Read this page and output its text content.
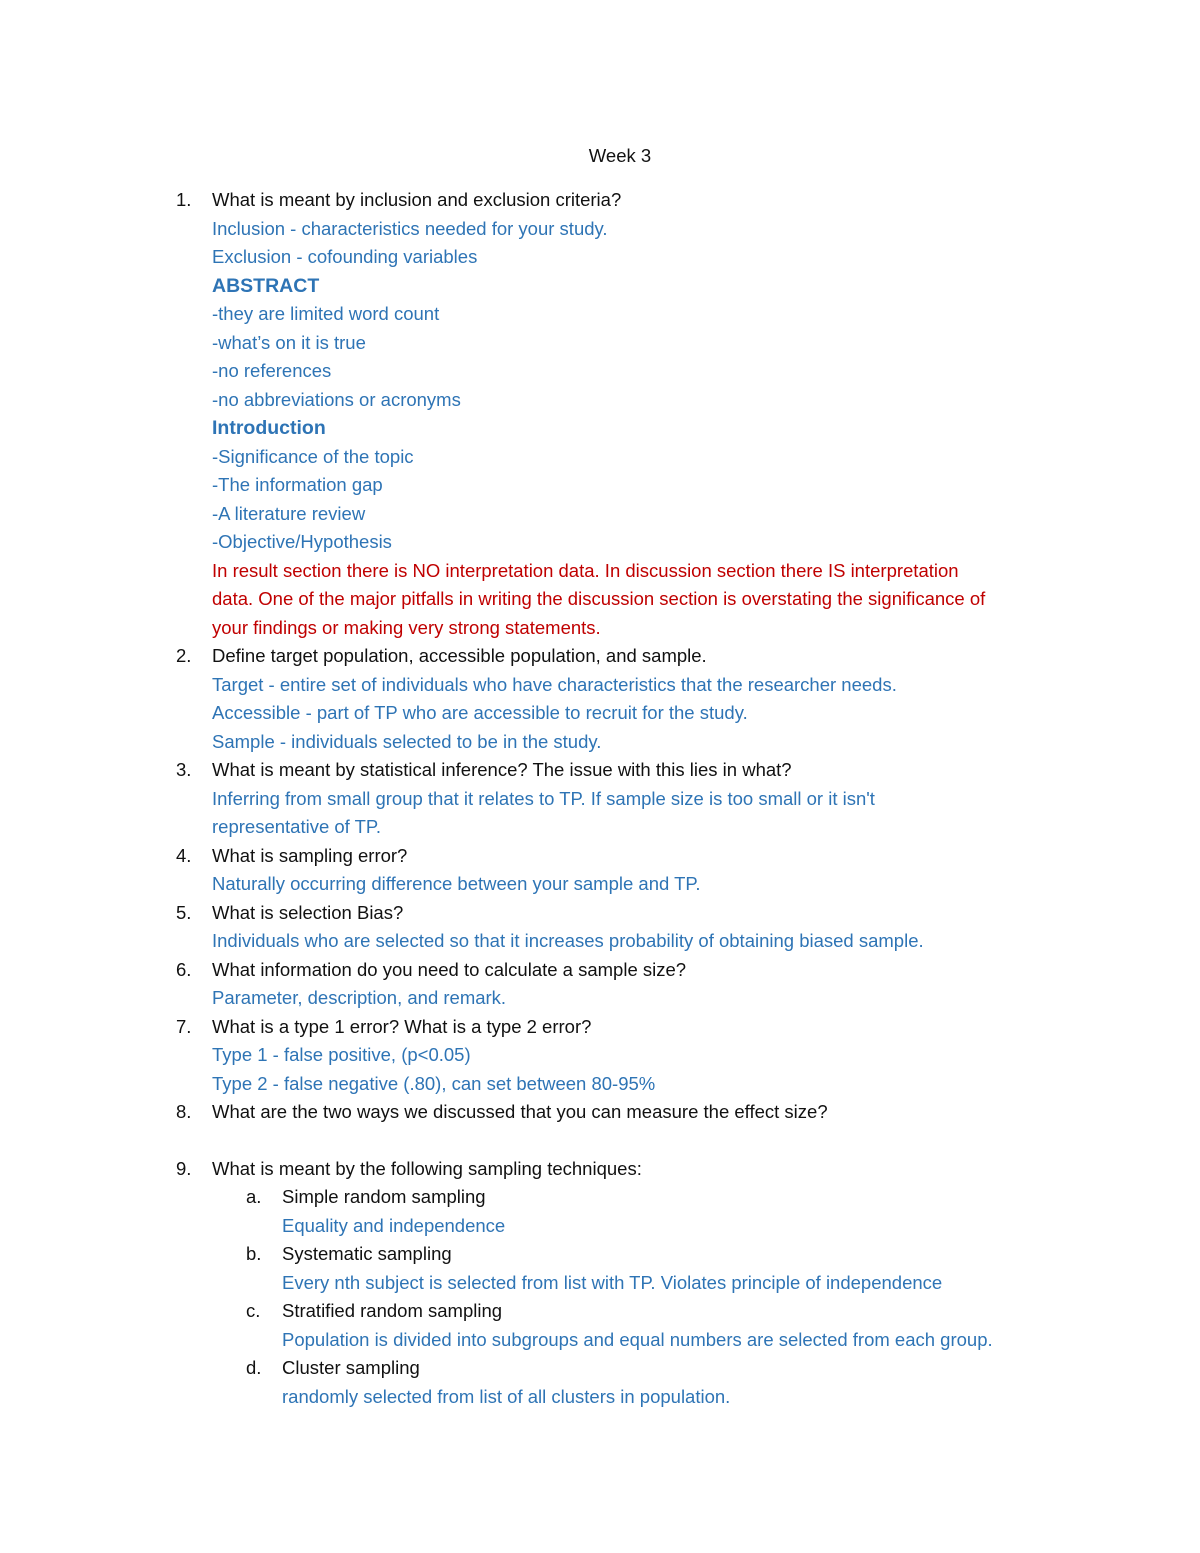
Week 3
1. What is meant by inclusion and exclusion criteria?
Inclusion - characteristics needed for your study.
Exclusion - cofounding variables
ABSTRACT
-they are limited word count
-what’s on it is true
-no references
-no abbreviations or acronyms
Introduction
-Significance of the topic
-The information gap
-A literature review
-Objective/Hypothesis
In result section there is NO interpretation data. In discussion section there IS interpretation
data. One of the major pitfalls in writing the discussion section is overstating the significance of
your findings or making very strong statements.
2. Define target population, accessible population, and sample.
Target - entire set of individuals who have characteristics that the researcher needs.
Accessible - part of TP who are accessible to recruit for the study.
Sample - individuals selected to be in the study.
3. What is meant by statistical inference? The issue with this lies in what?
Inferring from small group that it relates to TP. If sample size is too small or it isn't
representative of TP.
4. What is sampling error?
Naturally occurring difference between your sample and TP.
5. What is selection Bias?
Individuals who are selected so that it increases probability of obtaining biased sample.
6. What information do you need to calculate a sample size?
Parameter, description, and remark.
7. What is a type 1 error? What is a type 2 error?
Type 1 - false positive, (p<0.05)
Type 2 - false negative (.80), can set between 80-95%
8. What are the two ways we discussed that you can measure the effect size?
9. What is meant by the following sampling techniques:
a. Simple random sampling
Equality and independence
b. Systematic sampling
Every nth subject is selected from list with TP. Violates principle of independence
c. Stratified random sampling
Population is divided into subgroups and equal numbers are selected from each group.
d. Cluster sampling
randomly selected from list of all clusters in population.
